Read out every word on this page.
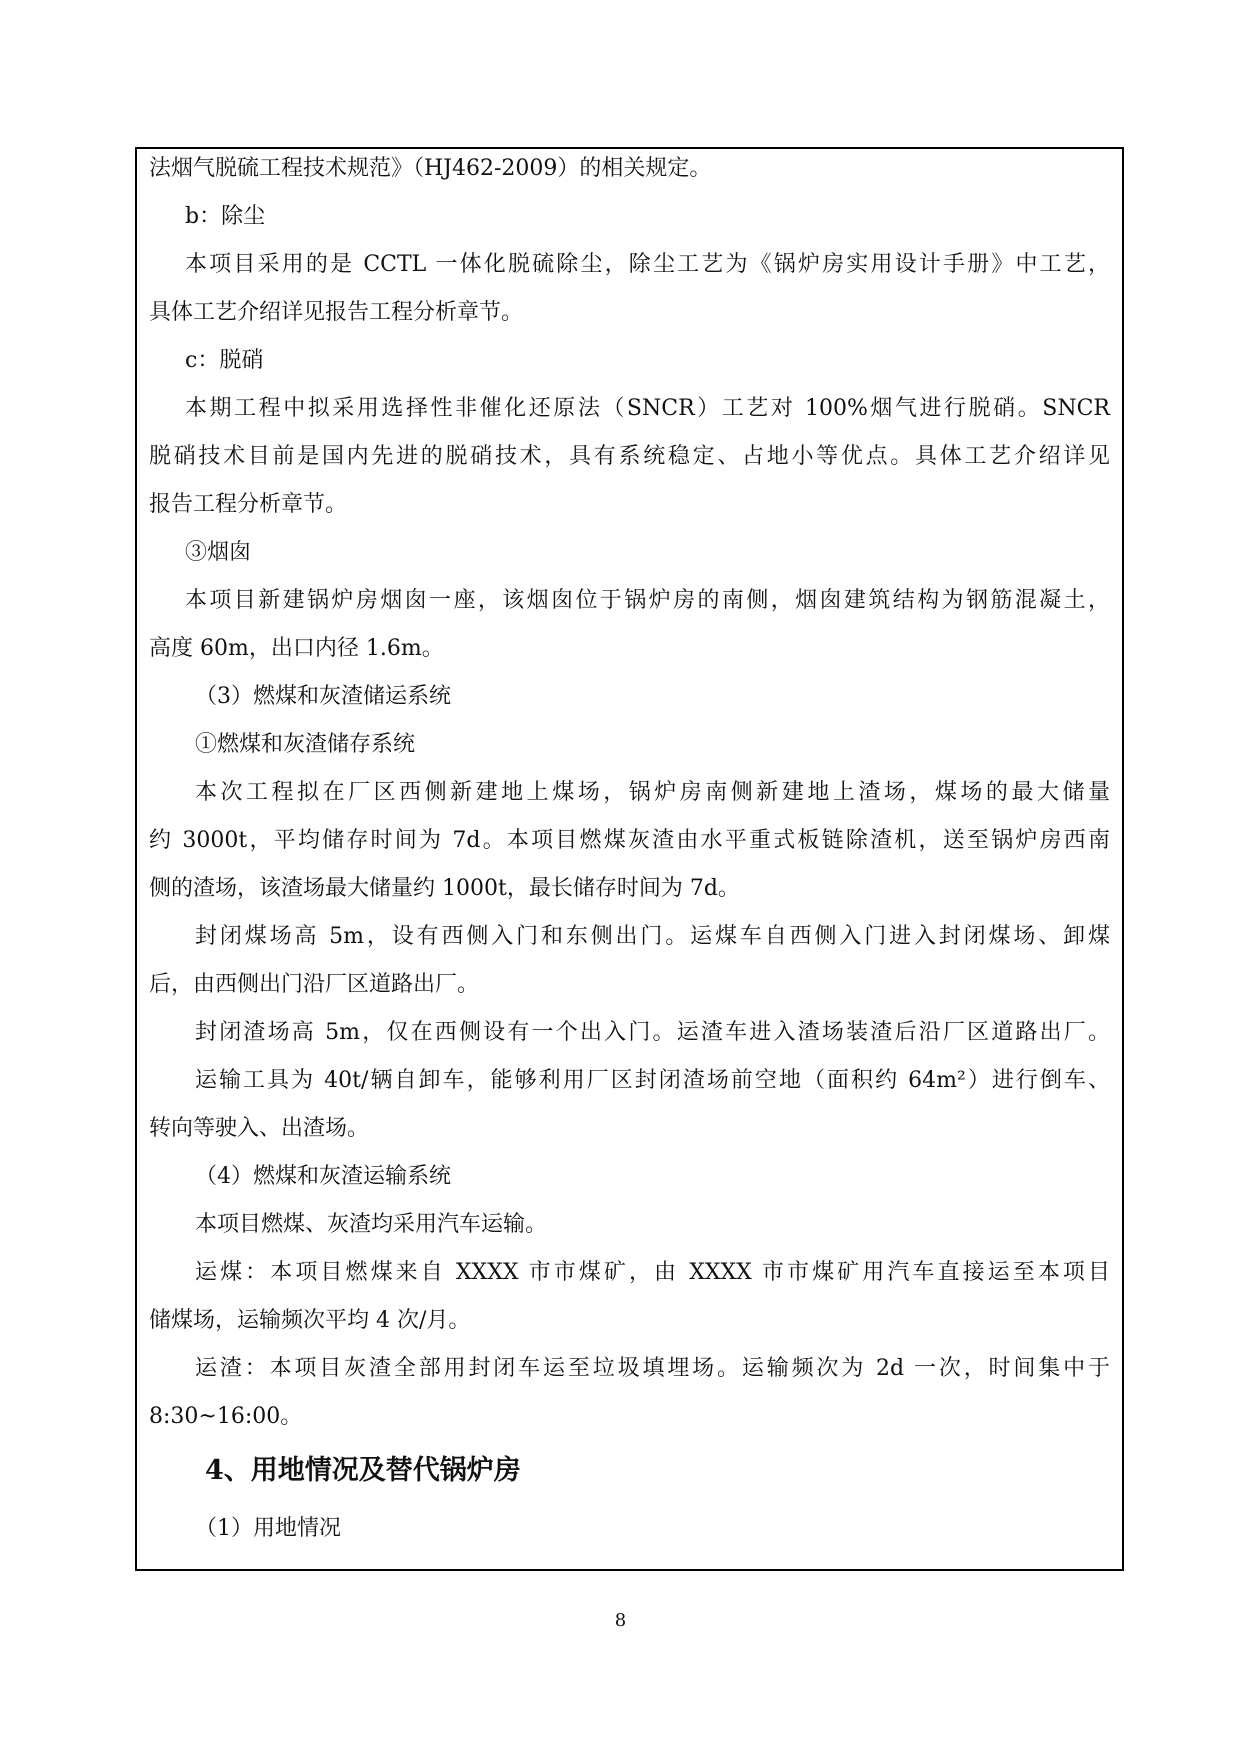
法烟气脱硫工程技术规范》（HJ462-2009）的相关规定。
b：除尘
本项目采用的是 CCTL 一体化脱硫除尘，除尘工艺为《锅炉房实用设计手册》中工艺，
具体工艺介绍详见报告工程分析章节。
c：脱硝
本期工程中拟采用选择性非催化还原法（SNCR）工艺对 100%烟气进行脱硝。SNCR
脱硝技术目前是国内先进的脱硝技术，具有系统稳定、占地小等优点。具体工艺介绍详见
报告工程分析章节。
③烟囱
本项目新建锅炉房烟囱一座，该烟囱位于锅炉房的南侧，烟囱建筑结构为钢筋混凝土，
高度 60m，出口内径 1.6m。
（3）燃煤和灰渣储运系统
①燃煤和灰渣储存系统
本次工程拟在厂区西侧新建地上煤场，锅炉房南侧新建地上渣场，煤场的最大储量
约 3000t，平均储存时间为 7d。本项目燃煤灰渣由水平重式板链除渣机，送至锅炉房西南
侧的渣场，该渣场最大储量约 1000t，最长储存时间为 7d。
封闭煤场高 5m，设有西侧入门和东侧出门。运煤车自西侧入门进入封闭煤场、卸煤
后，由西侧出门沿厂区道路出厂。
封闭渣场高 5m，仅在西侧设有一个出入门。运渣车进入渣场装渣后沿厂区道路出厂。
运输工具为 40t/辆自卸车，能够利用厂区封闭渣场前空地（面积约 64m²）进行倒车、
转向等驶入、出渣场。
（4）燃煤和灰渣运输系统
本项目燃煤、灰渣均采用汽车运输。
运煤：本项目燃煤来自 XXXX 市市煤矿，由 XXXX 市市煤矿用汽车直接运至本项目
储煤场，运输频次平均 4 次/月。
运渣：本项目灰渣全部用封闭车运至垃圾填埋场。运输频次为 2d 一次，时间集中于
8:30~16:00。
4、用地情况及替代锅炉房
（1）用地情况
8
